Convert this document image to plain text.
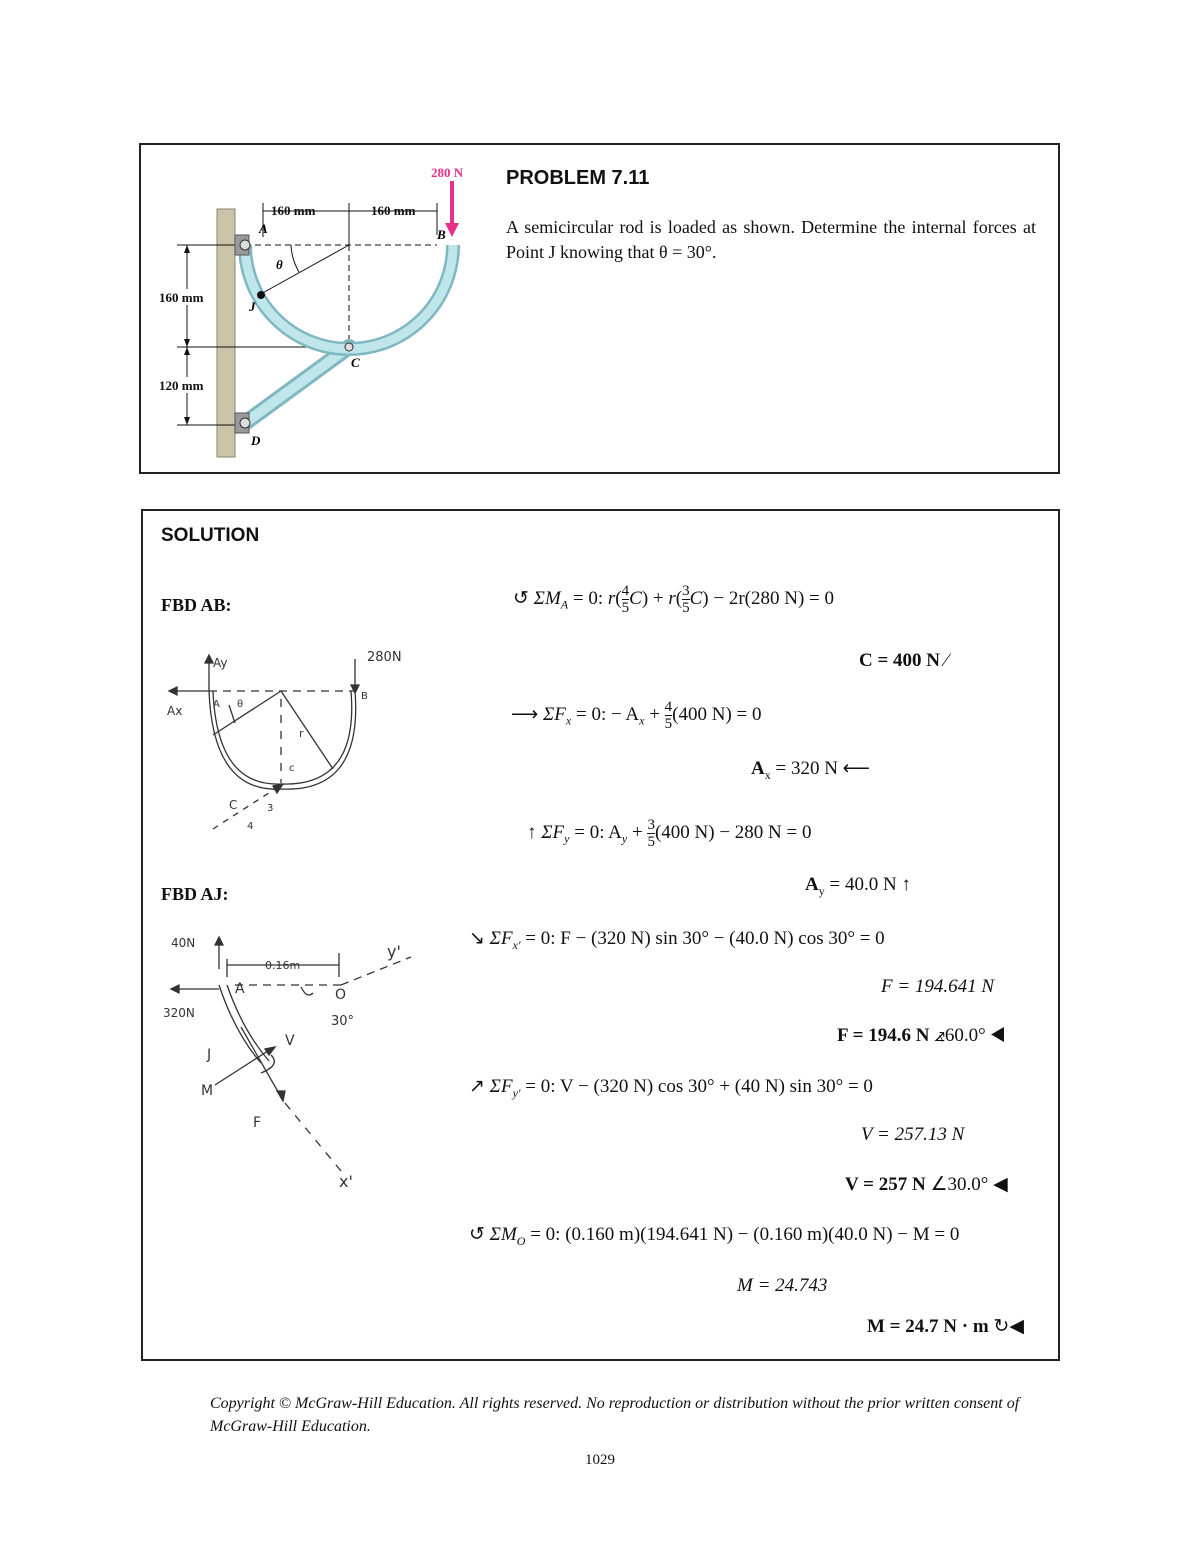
160 mm	160 mm
160 mm
120 mm
280 N
A	B
C
D
J
θ
PROBLEM 7.11
A semicircular rod is loaded as shown. Determine the internal forces at Point J knowing that θ = 30°.
SOLUTION
FBD AB:
FBD AJ:
Ay
Ax
280N
A
B
θ
r
c
C	3
4
40N
320N
0.16m
A	O
30°
J
V
M
F
y'
x'
↺ $\Sigma M_A = 0$: $r( \frac{4}{5} C) + r( \frac{3}{5} C) - 2r(280$ N) = 0
C = 400 N ⁄
⟶ $\Sigma F_x = 0$: − $A_x + \frac{4}{5} (400$ N) = 0
$A_x = 320$ N ⟵
↑ $\Sigma F_y = 0$: $A_y + \frac{3}{5} (400$ N) − 280 N = 0
$A_y = 40.0$ N ↑
↘ $\Sigma F_{x'} = 0$: F − (320 N) sin 30° − (40.0 N) cos 30° = 0
F = 194.641 N
F = 194.6 N ⦨60.0° ◀
↗ $\Sigma F_{y'} = 0$: V − (320 N) cos 30° + (40 N) sin 30° = 0
V = 257.13 N
V = 257 N ∠30.0° ◀
↺ $\Sigma M_O = 0$: (0.160 m)(194.641 N) − (0.160 m)(40.0 N) − M = 0
M = 24.743
M = 24.7 N · m ↻◀
Copyright © McGraw-Hill Education. All rights reserved. No reproduction or distribution without the prior written consent of McGraw-Hill Education.
1029
